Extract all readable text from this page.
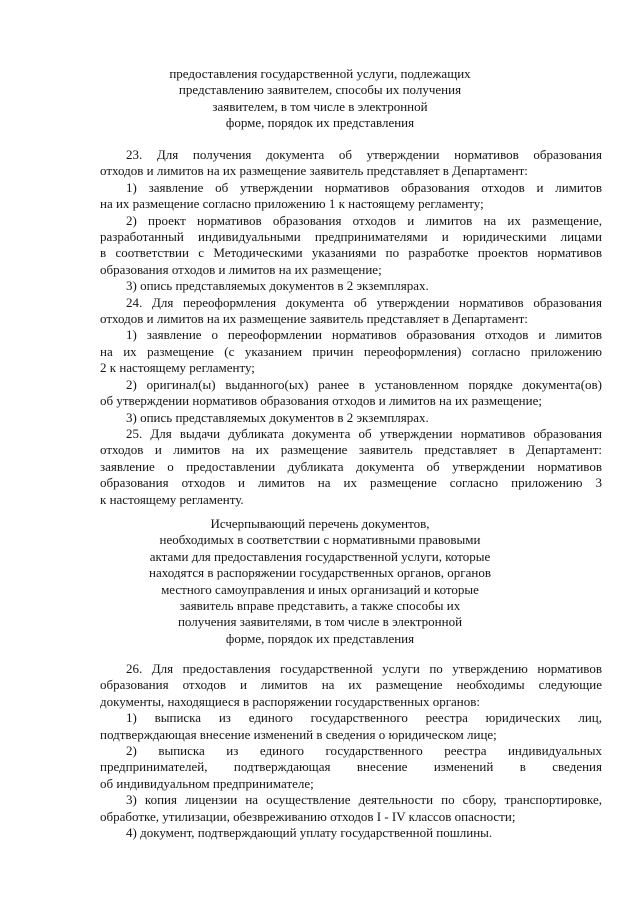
предоставления государственной услуги, подлежащих
представлению заявителем, способы их получения
заявителем, в том числе в электронной
форме, порядок их представления
23. Для получения документа об утверждении нормативов образования
отходов и лимитов на их размещение заявитель представляет в Департамент:
1) заявление об утверждении нормативов образования отходов и лимитов
на их размещение согласно приложению 1 к настоящему регламенту;
2) проект нормативов образования отходов и лимитов на их размещение,
разработанный индивидуальными предпринимателями и юридическими лицами
в соответствии с Методическими указаниями по разработке проектов нормативов
образования отходов и лимитов на их размещение;
3) опись представляемых документов в 2 экземплярах.
24. Для переоформления документа об утверждении нормативов образования
отходов и лимитов на их размещение заявитель представляет в Департамент:
1) заявление о переоформлении нормативов образования отходов и лимитов
на их размещение (с указанием причин переоформления) согласно приложению
2 к настоящему регламенту;
2) оригинал(ы) выданного(ых) ранее в установленном порядке документа(ов)
об утверждении нормативов образования отходов и лимитов на их размещение;
3) опись представляемых документов в 2 экземплярах.
25. Для выдачи дубликата документа об утверждении нормативов образования
отходов и лимитов на их размещение заявитель представляет в Департамент:
заявление о предоставлении дубликата документа об утверждении нормативов
образования отходов и лимитов на их размещение согласно приложению 3
к настоящему регламенту.
Исчерпывающий перечень документов,
необходимых в соответствии с нормативными правовыми
актами для предоставления государственной услуги, которые
находятся в распоряжении государственных органов, органов
местного самоуправления и иных организаций и которые
заявитель вправе представить, а также способы их
получения заявителями, в том числе в электронной
форме, порядок их представления
26. Для предоставления государственной услуги по утверждению нормативов
образования отходов и лимитов на их размещение необходимы следующие
документы, находящиеся в распоряжении государственных органов:
1) выписка из единого государственного реестра юридических лиц,
подтверждающая внесение изменений в сведения о юридическом лице;
2) выписка из единого государственного реестра индивидуальных
предпринимателей, подтверждающая внесение изменений в сведения
об индивидуальном предпринимателе;
3) копия лицензии на осуществление деятельности по сбору, транспортировке,
обработке, утилизации, обезвреживанию отходов I - IV классов опасности;
4) документ, подтверждающий уплату государственной пошлины.
